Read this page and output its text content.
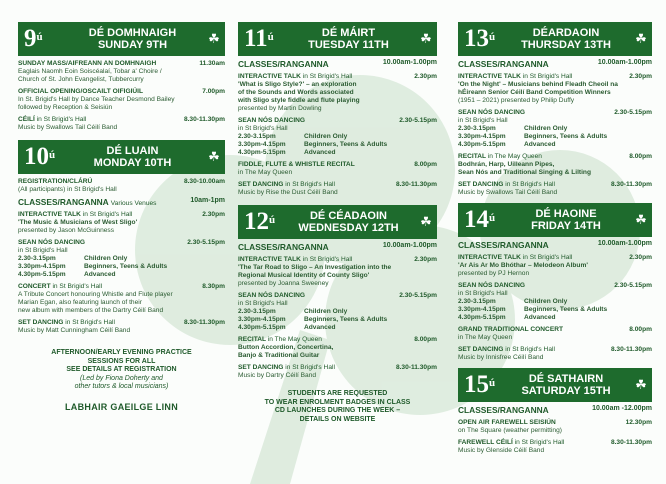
$9^ú$	DÉ DOMHNAIGH
SUNDAY 9TH	☘
SUNDAY MASS/AIFREANN AN DOMHNAIGH	11.30am
Eaglais Naomh Eoin Soiscéalaí, Tobar a' Choire /
Church of St. John Evangelist, Tubbercurry
OFFICIAL OPENING/OSCAILT OIFIGIÚIL	7.00pm
In St. Brigid's Hall by Dance Teacher Desmond Bailey
followed by Reception & Seisiún
CÉILÍ in St Brigid's Hall	8.30-11.30pm
Music by Swallows Tail Céilí Band
$10^ú$	DÉ LUAIN
MONDAY 10TH	☘
REGISTRATION/CLÁRÚ	8.30-10.00am
(All participants) in St Brigid's Hall
CLASSES/RANGANNA Various Venues	10am-1pm
INTERACTIVE TALK in St Brigid's Hall	2.30pm
'The Music & Musicians of West Sligo'
presented by Jason McGuinness
SEAN NÓS DANCING	2.30-5.15pm
in St Brigid's Hall
2.30-3.15pm	Children Only
3.30pm-4.15pm	Beginners, Teens & Adults
4.30pm-5.15pm	Advanced
CONCERT in St Brigid's Hall	8.30pm
A Tribute Concert honouring Whistle and Flute player
Marian Egan, also featuring launch of their
new album with members of the Dartry Céilí Band
SET DANCING in St Brigid's Hall	8.30-11.30pm
Music by Matt Cunningham Céilí Band
AFTERNOON/EARLY EVENING PRACTICE
SESSIONS FOR ALL
SEE DETAILS AT REGISTRATION
(Led by Fiona Doherty and
other tutors & local musicians)
LABHAIR GAEILGE LINN
$11^ú$	DÉ MÁIRT
TUESDAY 11TH	☘
CLASSES/RANGANNA	10.00am-1.00pm
INTERACTIVE TALK in St Brigid's Hall	2.30pm
'What is Sligo Style?' – an exploration
of the Sounds and Words associated
with Sligo style fiddle and flute playing
presented by Martin Dowling
SEAN NÓS DANCING	2.30-5.15pm
in St Brigid's Hall
2.30-3.15pm	Children Only
3.30pm-4.15pm	Beginners, Teens & Adults
4.30pm-5.15pm	Advanced
FIDDLE, FLUTE & WHISTLE RECITAL	8.00pm
in The May Queen
SET DANCING in St Brigid's Hall	8.30-11.30pm
Music by Rise the Dust Céilí Band
$12^ú$	DÉ CÉADAOIN
WEDNESDAY 12TH	☘
CLASSES/RANGANNA	10.00am-1.00pm
INTERACTIVE TALK in St Brigid's Hall	2.30pm
'The Tar Road to Sligo – An Investigation into the
Regional Musical Identity of County Sligo'
presented by Joanna Sweeney
SEAN NÓS DANCING	2.30-5.15pm
in St Brigid's Hall
2.30-3.15pm	Children Only
3.30pm-4.15pm	Beginners, Teens & Adults
4.30pm-5.15pm	Advanced
RECITAL in The May Queen	8.00pm
Button Accordion, Concertina,
Banjo & Traditional Guitar
SET DANCING in St Brigid's Hall	8.30-11.30pm
Music by Dartry Céilí Band
STUDENTS ARE REQUESTED
TO WEAR ENROLMENT BADGES IN CLASS
CD LAUNCHES DURING THE WEEK –
DETAILS ON WEBSITE
$13^ú$	DÉARDAOIN
THURSDAY 13TH	☘
CLASSES/RANGANNA	10.00am-1.00pm
INTERACTIVE TALK in St Brigid's Hall	2.30pm
'On the Night' – Musicians behind Fleadh Cheoil na
hÉireann Senior Céilí Band Competition Winners
(1951 – 2021) presented by Philip Duffy
SEAN NÓS DANCING	2.30-5.15pm
in St Brigid's Hall
2.30-3.15pm	Children Only
3.30pm-4.15pm	Beginners, Teens & Adults
4.30pm-5.15pm	Advanced
RECITAL in The May Queen	8.00pm
Bodhrán, Harp, Uilleann Pipes,
Sean Nós and Traditional Singing & Lilting
SET DANCING in St Brigid's Hall	8.30-11.30pm
Music by Swallows Tail Céilí Band
$14^ú$	DÉ HAOINE
FRIDAY 14TH	☘
CLASSES/RANGANNA	10.00am-1.00pm
INTERACTIVE TALK in St Brigid's Hall	2.30pm
'Ar Ais Ar Mo Bhóthar – Melodeon Album'
presented by PJ Hernon
SEAN NÓS DANCING	2.30-5.15pm
in St Brigid's Hall
2.30-3.15pm	Children Only
3.30pm-4.15pm	Beginners, Teens & Adults
4.30pm-5.15pm	Advanced
GRAND TRADITIONAL CONCERT	8.00pm
in The May Queen
SET DANCING in St Brigid's Hall	8.30-11.30pm
Music by Innisfree Céilí Band
$15^ú$	DÉ SATHAIRN
SATURDAY 15TH	☘
CLASSES/RANGANNA	10.00am -12.00pm
OPEN AIR FAREWELL SEISIÚN	12.30pm
on The Square (weather permitting)
FAREWELL CÉILÍ in St Brigid's Hall	8.30-11.30pm
Music by Glenside Céilí Band
